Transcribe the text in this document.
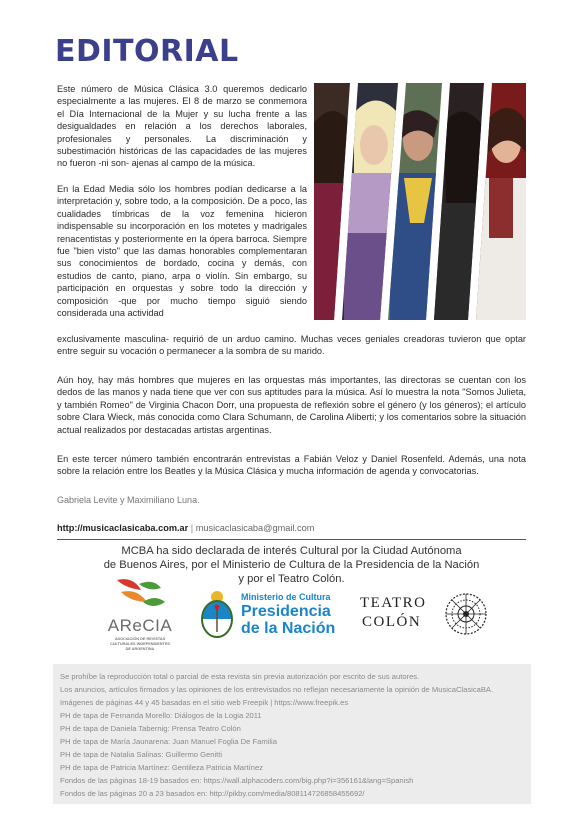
EDITORIAL

Este número de Música Clásica 3.0 queremos dedicarlo especialmente a las mujeres. El 8 de marzo se conmemora el Día Internacional de la Mujer y su lucha frente a las desigualdades en relación a los derechos laborales, profesionales y personales. La discriminación y subestimación históricas de las capacidades de las mujeres no fueron -ni son- ajenas al campo de la música.

En la Edad Media sólo los hombres podían dedicarse a la interpretación y, sobre todo, a la composición. De a poco, las cualidades tímbricas de la voz femenina hicieron indispensable su incorporación en los motetes y madrigales renacentistas y posteriormente en la ópera barroca. Siempre fue "bien visto" que las damas honorables complementaran sus conocimientos de bordado, cocina y demás, con estudios de canto, piano, arpa o violín. Sin embargo, su participación en orquestas y sobre todo la dirección y composición -que por mucho tiempo siguió siendo considerada una actividad

exclusivamente masculina- requirió de un arduo camino. Muchas veces geniales creadoras tuvieron que optar entre seguir su vocación o permanecer a la sombra de su marido.

Aún hoy, hay más hombres que mujeres en las orquestas más importantes, las directoras se cuentan con los dedos de las manos y nada tiene que ver con sus aptitudes para la música. Así lo muestra la nota "Somos Julieta, y también Romeo" de Virginia Chacon Dorr, una propuesta de reflexión sobre el género (y los géneros); el artículo sobre Clara Wieck, más conocida como Clara Schumann, de Carolina Aliberti; y los comentarios sobre la situación actual realizados por destacadas artistas argentinas.

En este tercer número también encontrarán entrevistas a Fabián Veloz y Daniel Rosenfeld. Además, una nota sobre la relación entre los Beatles y la Música Clásica y mucha información de agenda y convocatorias.

Gabriela Levite y Maximiliano Luna.

http://musicaclasicaba.com.ar | musicaclasicaba@gmail.com

MCBA ha sido declarada de interés Cultural por la Ciudad Autónoma
de Buenos Aires, por el Ministerio de Cultura de la Presidencia de la Nación
y por el Teatro Colón.
AReCIA
ASOCIACIÓN DE REVISTAS
CULTURALES INDEPENDIENTES
DE ARGENTINA
Ministerio de Cultura
Presidencia
de la Nación
TEATRO
COLÓN

Se prohíbe la reproducción total o parcial de esta revista sin previa autorización por escrito de sus autores.

Los anuncios, artículos firmados y las opiniones de los entrevistados no reflejan necesariamente la opinión de MusicaClasicaBA.

Imágenes de páginas 44 y 45 basadas en el sitio web Freepik | https://www.freepik.es

PH de tapa de Fernanda Morello: Diálogos de la Logia 2011

PH de tapa de Daniela Tabernig: Prensa Teatro Colón

PH de tapa de María Jaunarena: Juan Manuel Foglia De Familia

PH de tapa de Natalia Salinas: Guillermo Genitti

PH de tapa de Patricia Martínez: Gentileza Patricia Martínez

Fondos de las páginas 18-19 basados en: https://wall.alphacoders.com/big.php?i=356161&lang=Spanish

Fondos de las páginas 20 a 23 basados en: http://pikby.com/media/808114726858455692/
